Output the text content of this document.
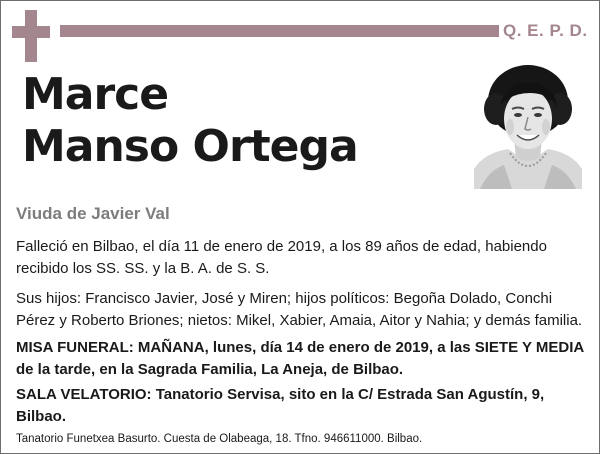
Q. E. P. D.
Marce
Manso Ortega
Viuda de Javier Val
Falleció en Bilbao, el día 11 de enero de 2019, a los 89 años de edad, habiendo recibido los SS. SS. y la B. A. de S. S.
Sus hijos: Francisco Javier, José y Miren; hijos políticos: Begoña Dolado, Conchi Pérez y Roberto Briones; nietos: Mikel, Xabier, Amaia, Aitor y Nahia; y demás familia.
MISA FUNERAL: MAÑANA, lunes, día 14 de enero de 2019, a las SIETE Y MEDIA de la tarde, en la Sagrada Familia, La Aneja, de Bilbao.
SALA VELATORIO: Tanatorio Servisa, sito en la C/ Estrada San Agustín, 9, Bilbao.
Tanatorio Funetxea Basurto. Cuesta de Olabeaga, 18. Tfno. 946611000. Bilbao.
